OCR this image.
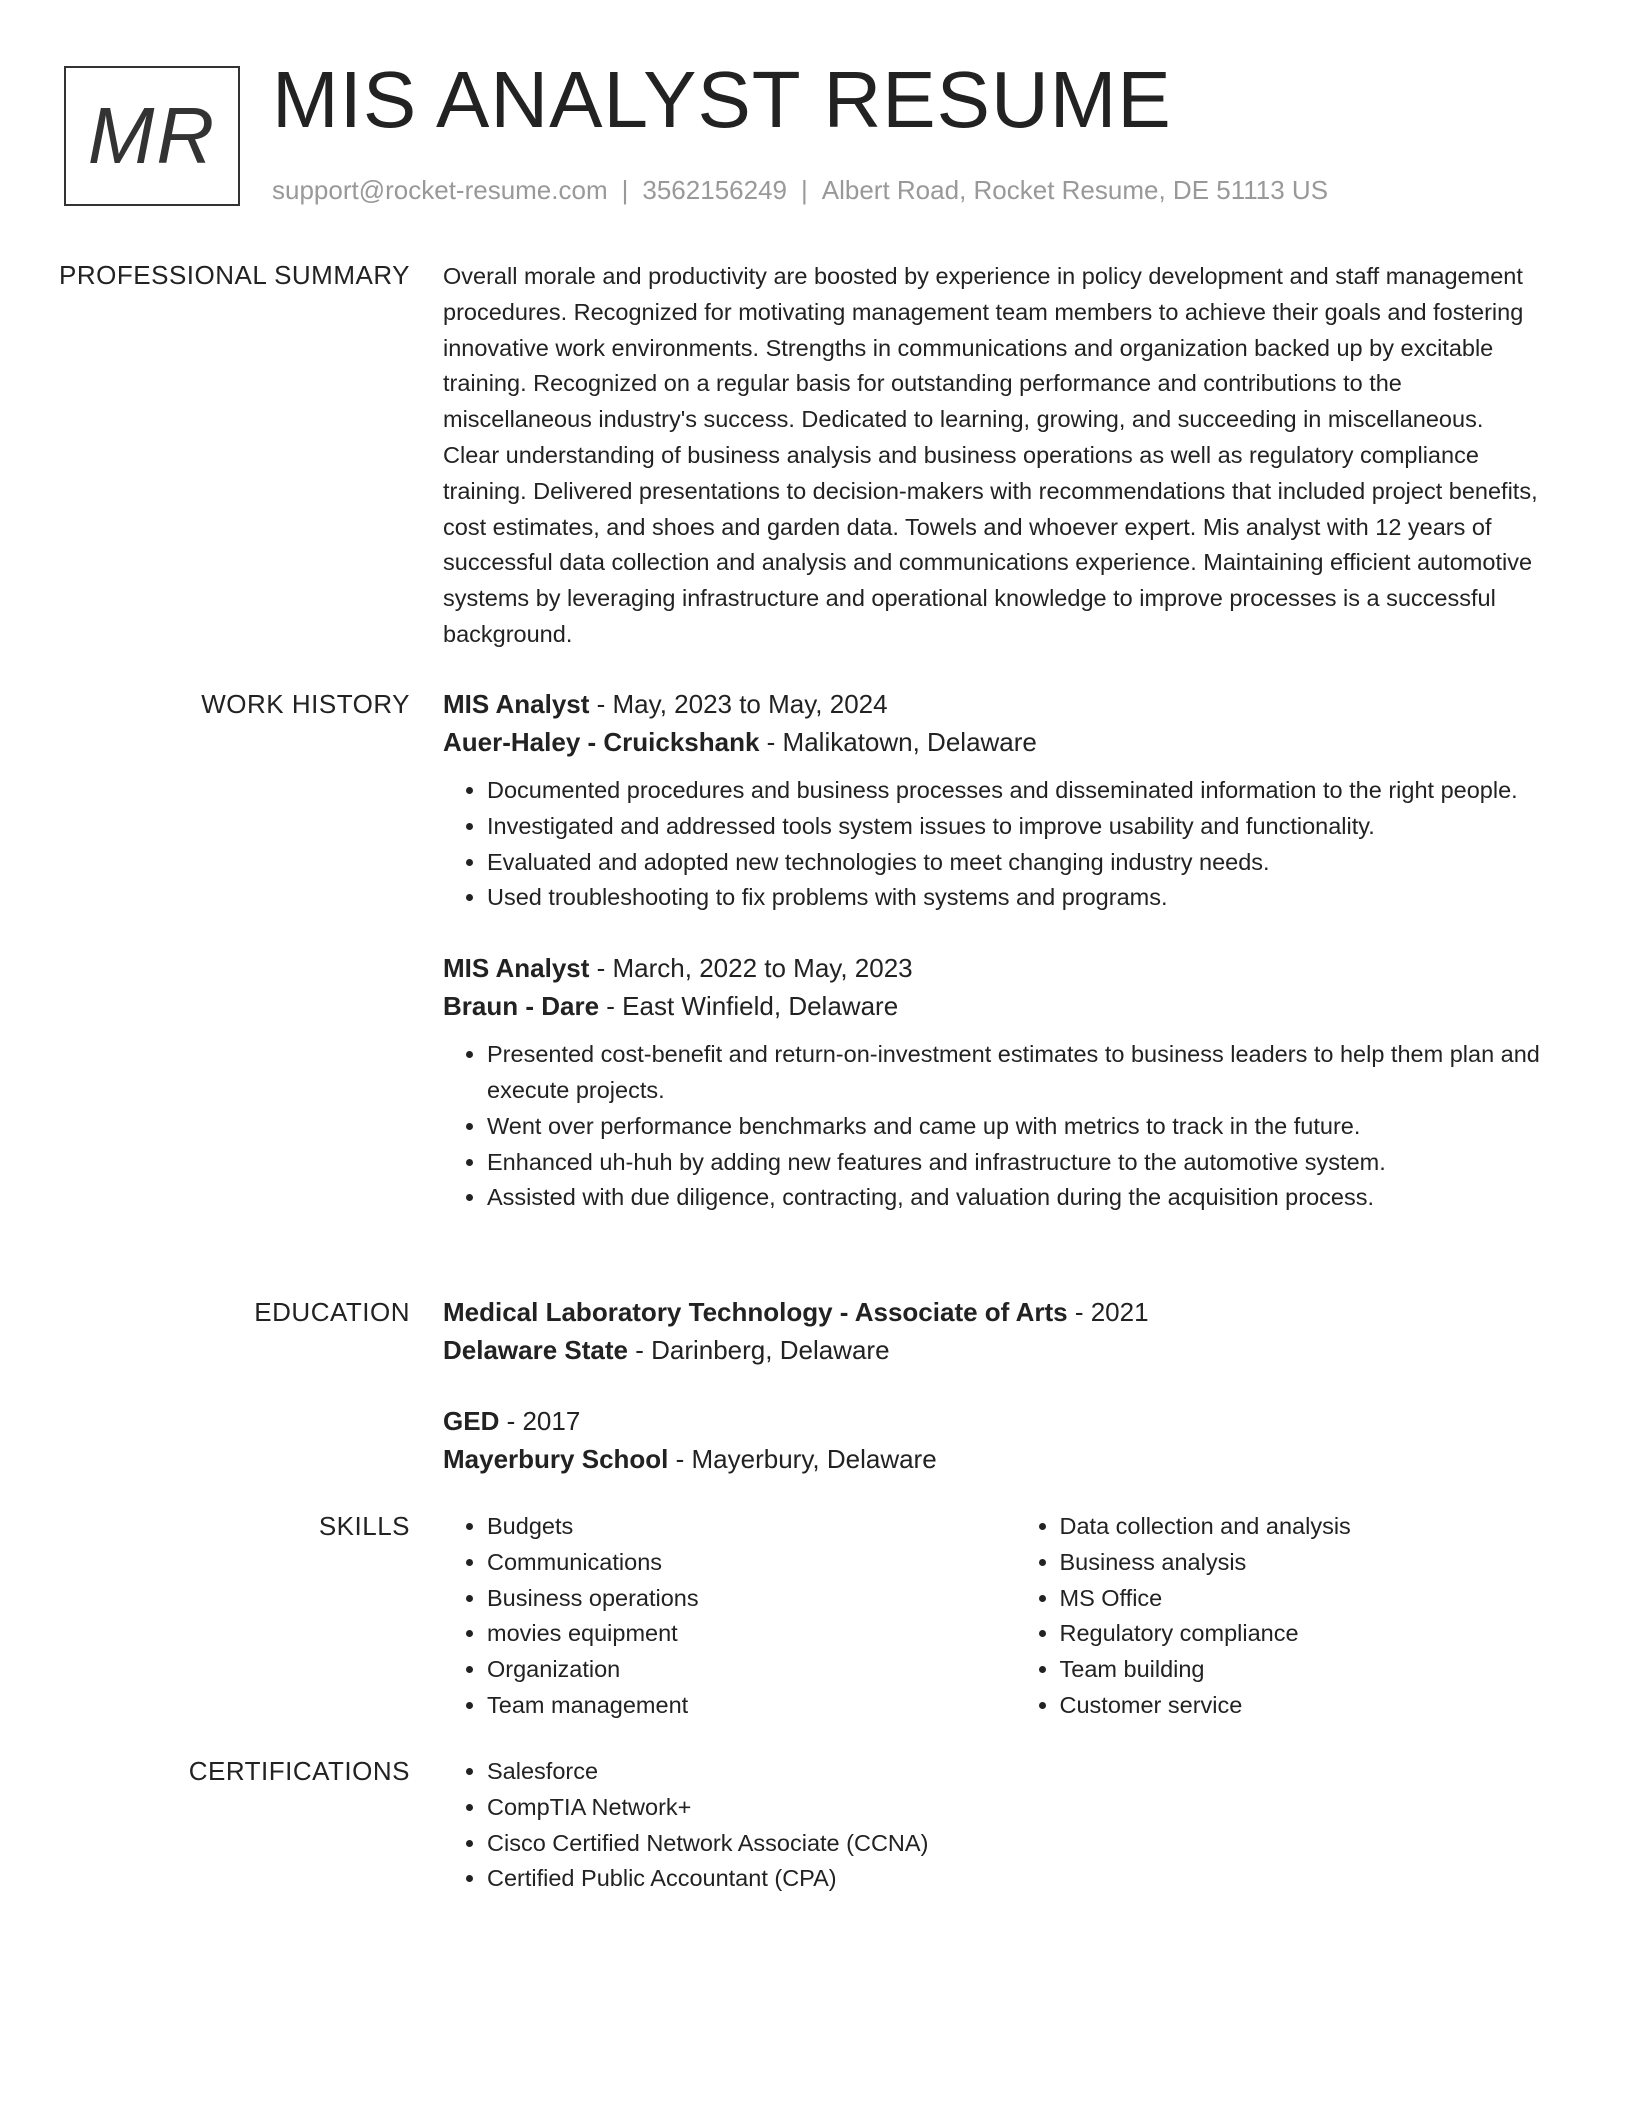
MR MIS ANALYST RESUME
support@rocket-resume.com | 3562156249 | Albert Road, Rocket Resume, DE 51113 US
PROFESSIONAL SUMMARY Overall morale and productivity are boosted by experience in policy development and staff management procedures. Recognized for motivating management team members to achieve their goals and fostering innovative work environments. Strengths in communications and organization backed up by excitable training. Recognized on a regular basis for outstanding performance and contributions to the miscellaneous industry's success. Dedicated to learning, growing, and succeeding in miscellaneous. Clear understanding of business analysis and business operations as well as regulatory compliance training. Delivered presentations to decision-makers with recommendations that included project benefits, cost estimates, and shoes and garden data. Towels and whoever expert. Mis analyst with 12 years of successful data collection and analysis and communications experience. Maintaining efficient automotive systems by leveraging infrastructure and operational knowledge to improve processes is a successful background.

WORK HISTORY MIS Analyst - May, 2023 to May, 2024

Auer-Haley - Cruickshank - Malikatown, Delaware

• Documented procedures and business processes and disseminated information to the right people.
• Investigated and addressed tools system issues to improve usability and functionality.
• Evaluated and adopted new technologies to meet changing industry needs.
• Used troubleshooting to fix problems with systems and programs.

MIS Analyst - March, 2022 to May, 2023

Braun - Dare - East Winfield, Delaware

• Presented cost-benefit and return-on-investment estimates to business leaders to help them plan and execute projects.
• Went over performance benchmarks and came up with metrics to track in the future.
• Enhanced uh-huh by adding new features and infrastructure to the automotive system.
• Assisted with due diligence, contracting, and valuation during the acquisition process.
EDUCATION Medical Laboratory Technology - Associate of Arts - 2021

Delaware State - Darinberg, Delaware

GED - 2017

Mayerbury School - Mayerbury, Delaware

SKILLS	• Budgets
• Communications
• Business operations
• movies equipment
• Organization
• Team management
• Data collection and analysis
• Business analysis
• MS Office
• Regulatory compliance
• Team building
• Customer service
CERTIFICATIONS	• Salesforce
• CompTIA Network+
• Cisco Certified Network Associate (CCNA)
• Certified Public Accountant (CPA)
